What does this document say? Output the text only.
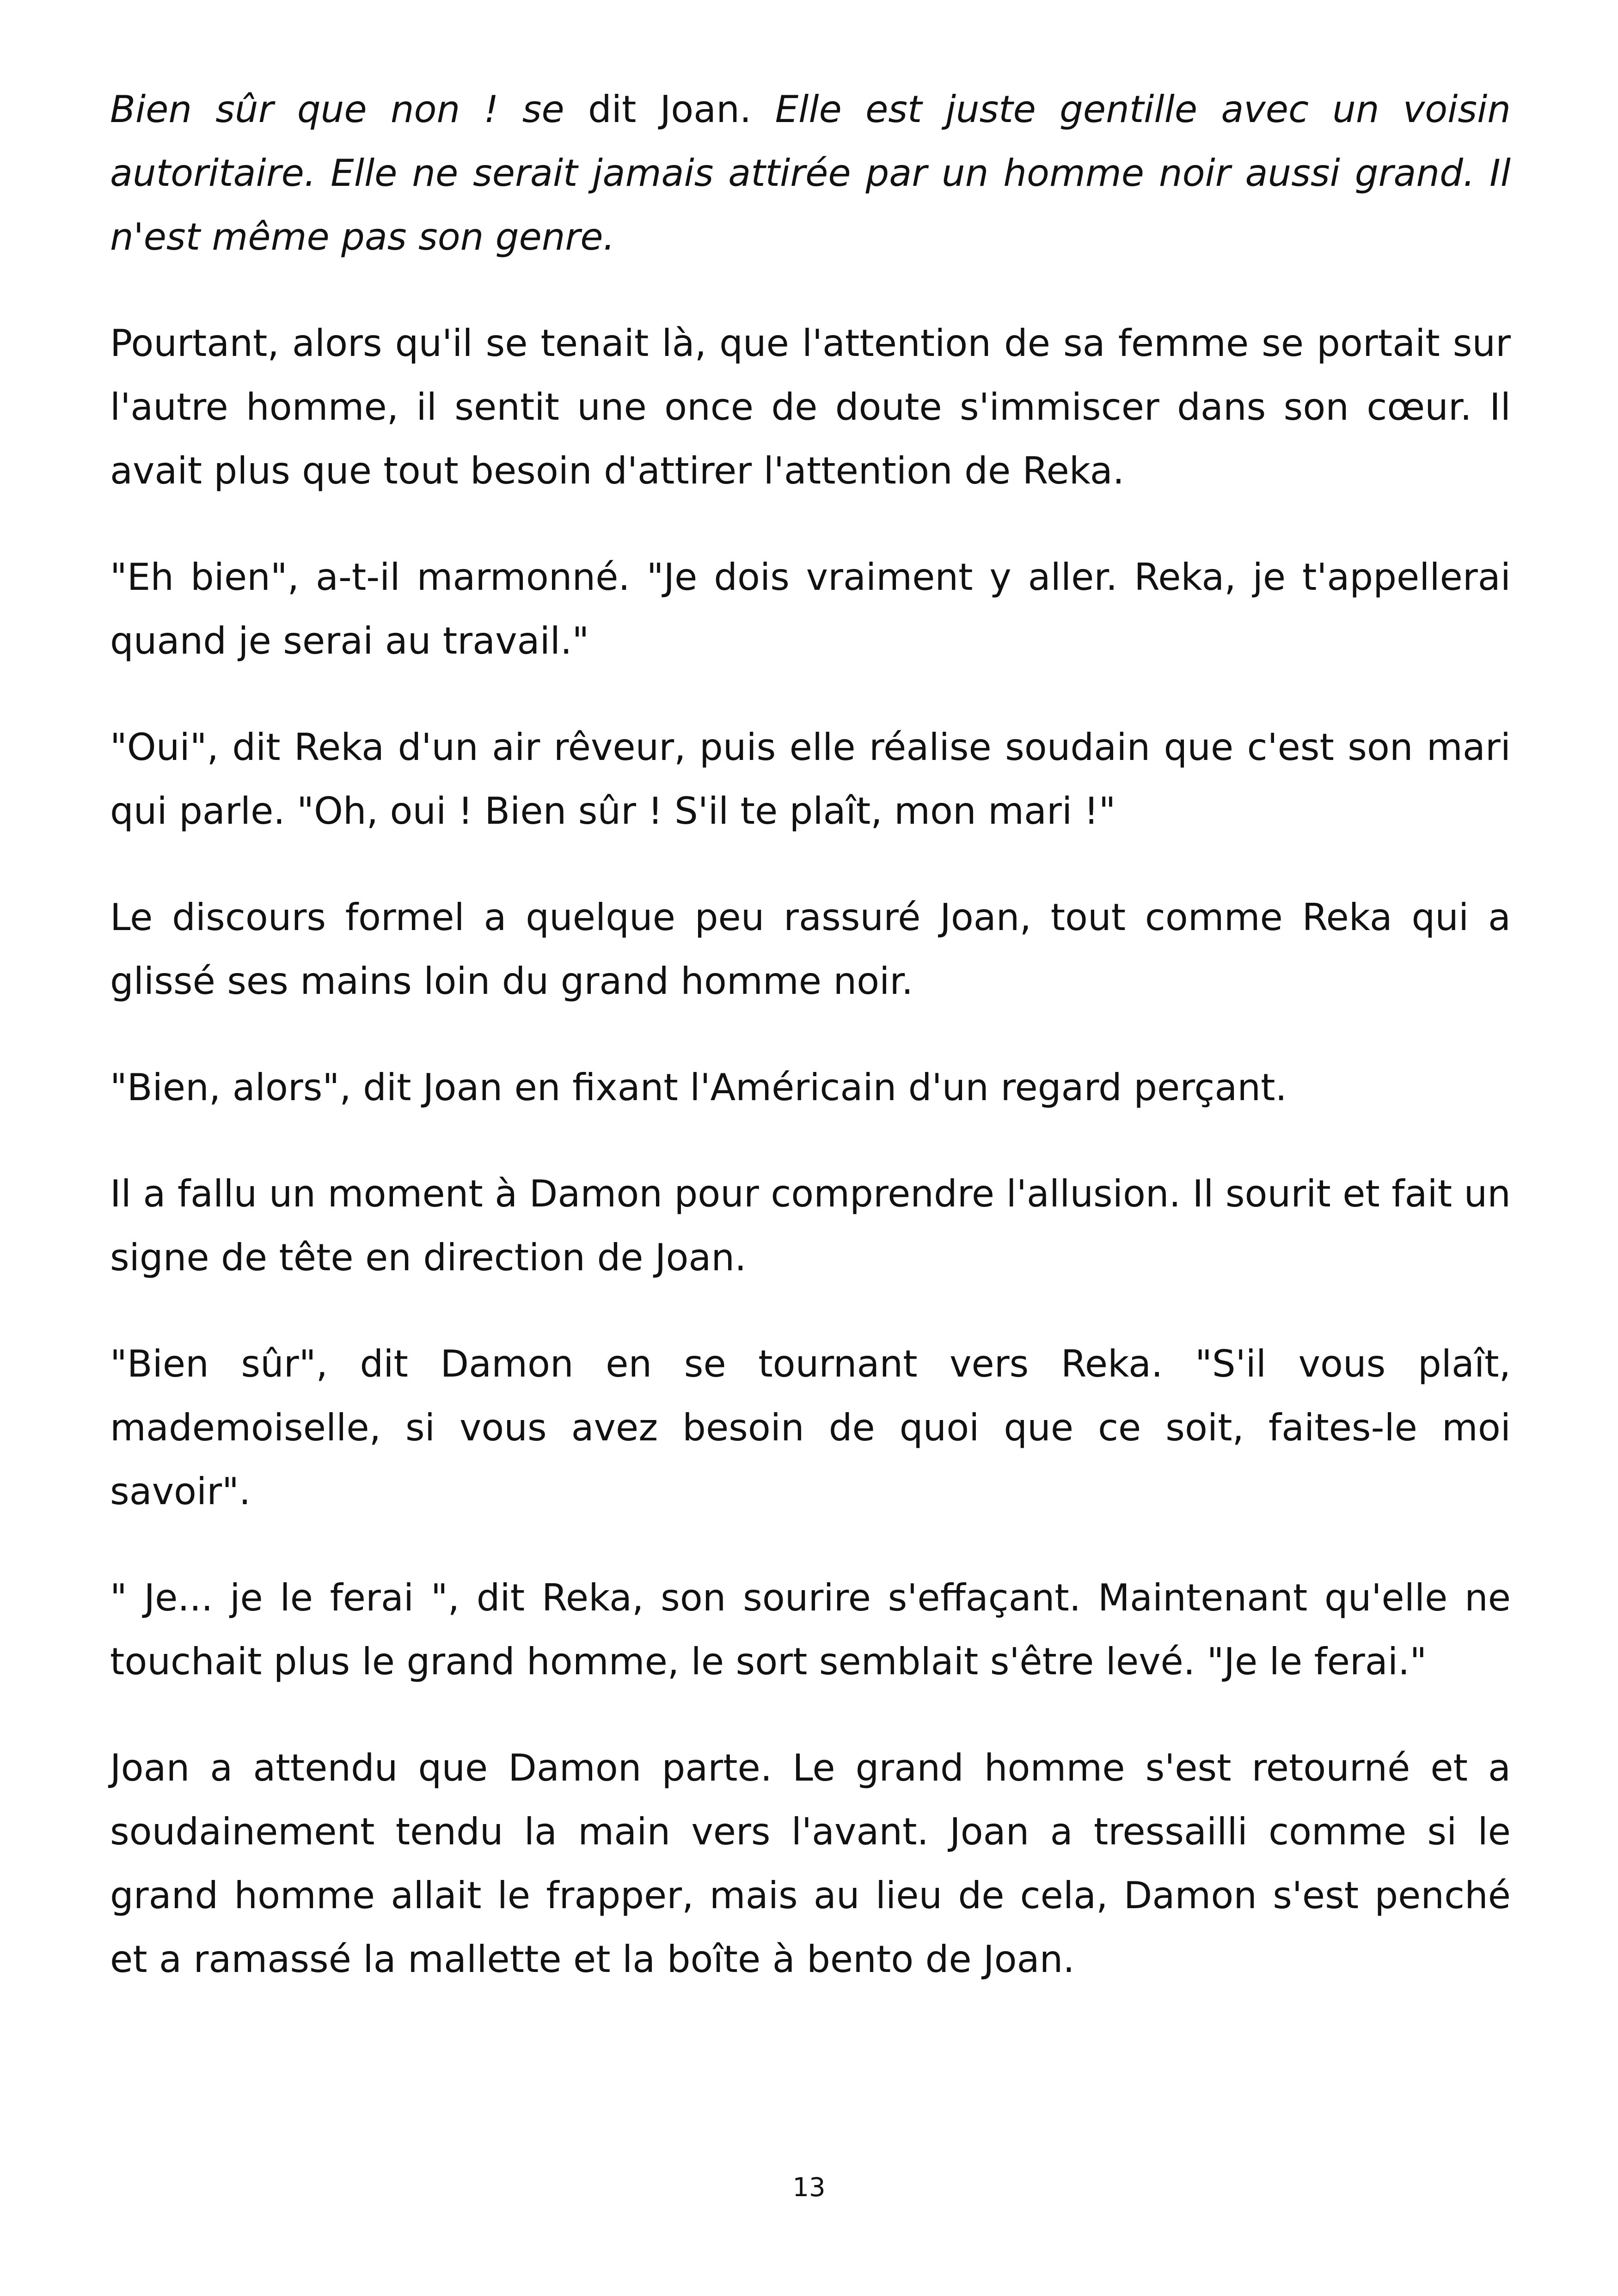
Bien sûr que non ! se dit Joan. Elle est juste gentille avec un voisin autoritaire. Elle ne serait jamais attirée par un homme noir aussi grand. Il n'est même pas son genre.

Pourtant, alors qu'il se tenait là, que l'attention de sa femme se portait sur l'autre homme, il sentit une once de doute s'immiscer dans son cœur. Il avait plus que tout besoin d'attirer l'attention de Reka.

"Eh bien", a-t-il marmonné. "Je dois vraiment y aller. Reka, je t'appellerai quand je serai au travail."

"Oui", dit Reka d'un air rêveur, puis elle réalise soudain que c'est son mari qui parle. "Oh, oui ! Bien sûr ! S'il te plaît, mon mari !"

Le discours formel a quelque peu rassuré Joan, tout comme Reka qui a glissé ses mains loin du grand homme noir.

"Bien, alors", dit Joan en fixant l'Américain d'un regard perçant.

Il a fallu un moment à Damon pour comprendre l'allusion. Il sourit et fait un signe de tête en direction de Joan.

"Bien sûr", dit Damon en se tournant vers Reka. "S'il vous plaît, mademoiselle, si vous avez besoin de quoi que ce soit, faites-le moi savoir".

" Je... je le ferai ", dit Reka, son sourire s'effaçant. Maintenant qu'elle ne touchait plus le grand homme, le sort semblait s'être levé. "Je le ferai."

Joan a attendu que Damon parte. Le grand homme s'est retourné et a soudainement tendu la main vers l'avant. Joan a tressailli comme si le grand homme allait le frapper, mais au lieu de cela, Damon s'est penché et a ramassé la mallette et la boîte à bento de Joan.

13
